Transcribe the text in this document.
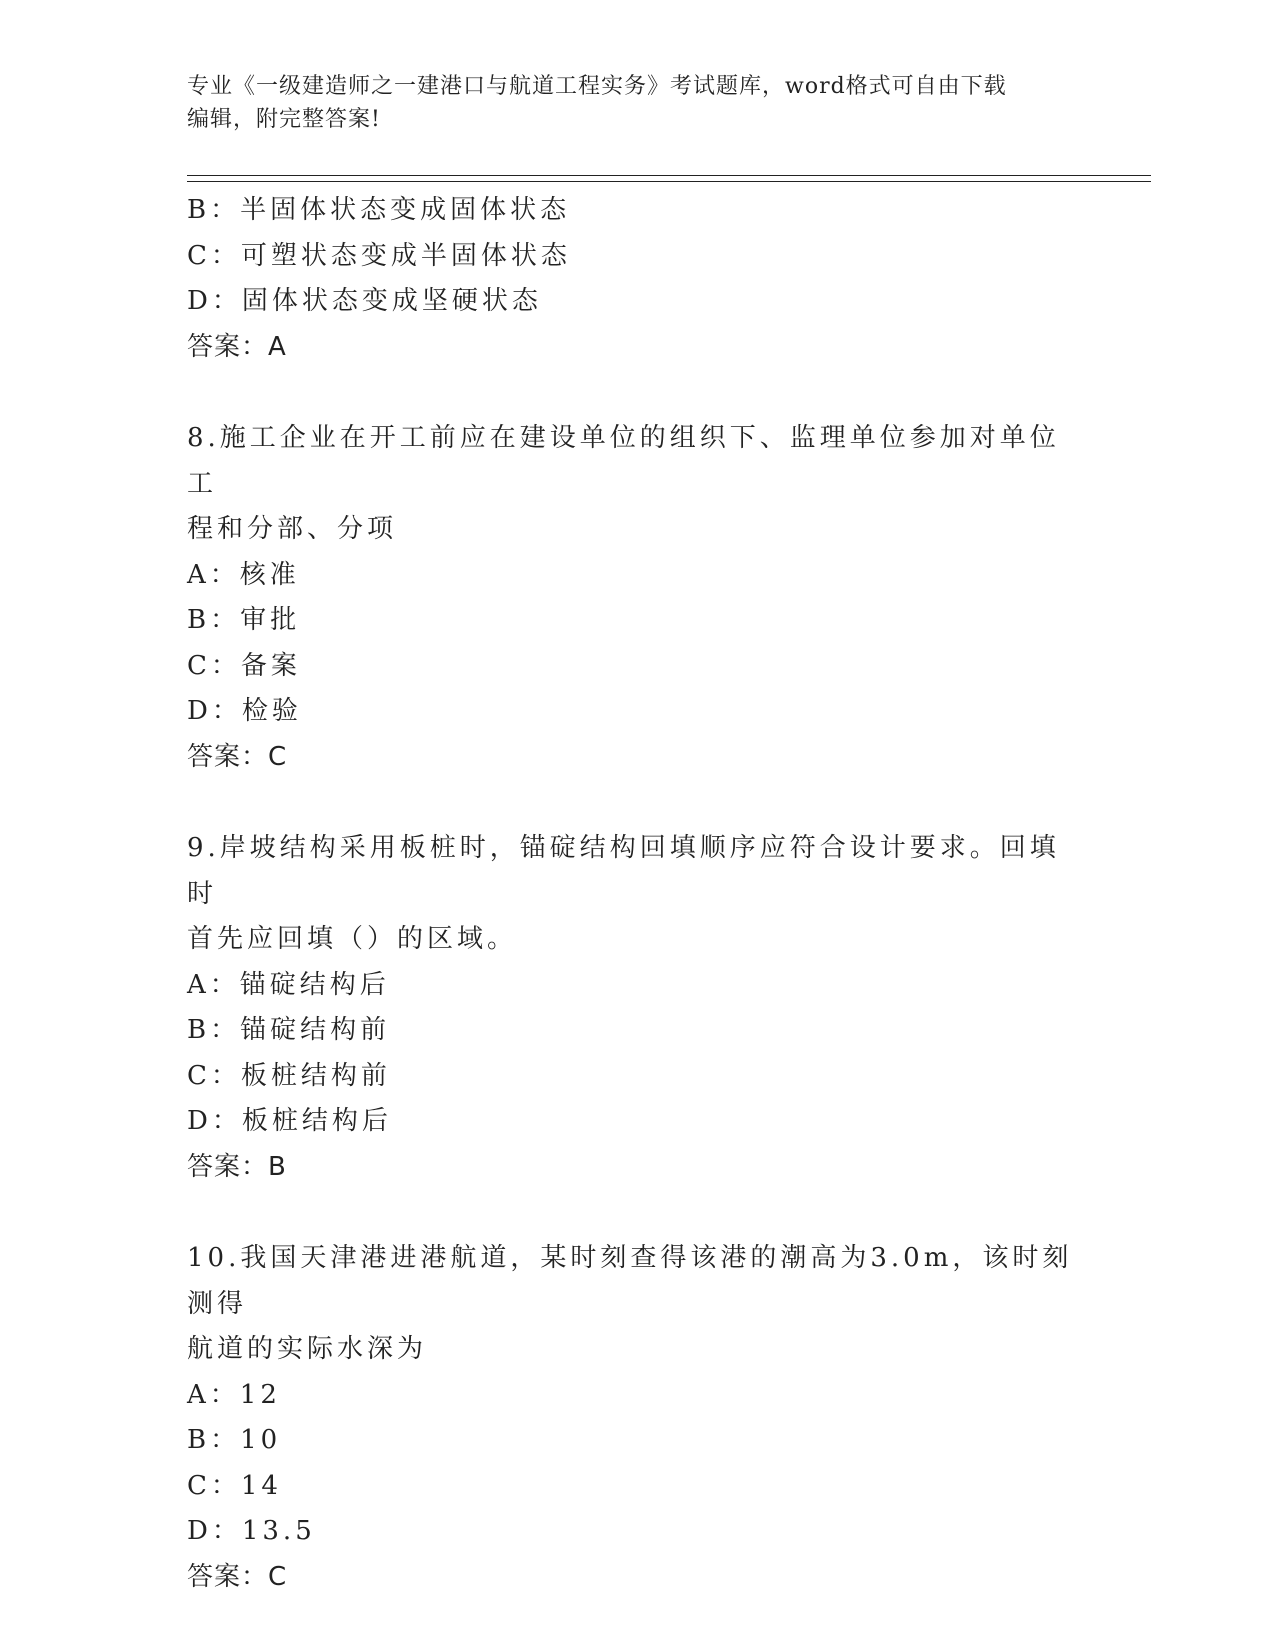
专业《一级建造师之一建港口与航道工程实务》考试题库，word格式可自由下载
编辑，附完整答案!
B：半固体状态变成固体状态
C：可塑状态变成半固体状态
D：固体状态变成坚硬状态
答案：A
8.施工企业在开工前应在建设单位的组织下、监理单位参加对单位工
程和分部、分项
A：核准
B：审批
C：备案
D：检验
答案：C
9.岸坡结构采用板桩时，锚碇结构回填顺序应符合设计要求。回填时
首先应回填（）的区域。
A：锚碇结构后
B：锚碇结构前
C：板桩结构前
D：板桩结构后
答案：B
10.我国天津港进港航道，某时刻查得该港的潮高为3.0m，该时刻测得
航道的实际水深为
A：12
B：10
C：14
D：13.5
答案：C
